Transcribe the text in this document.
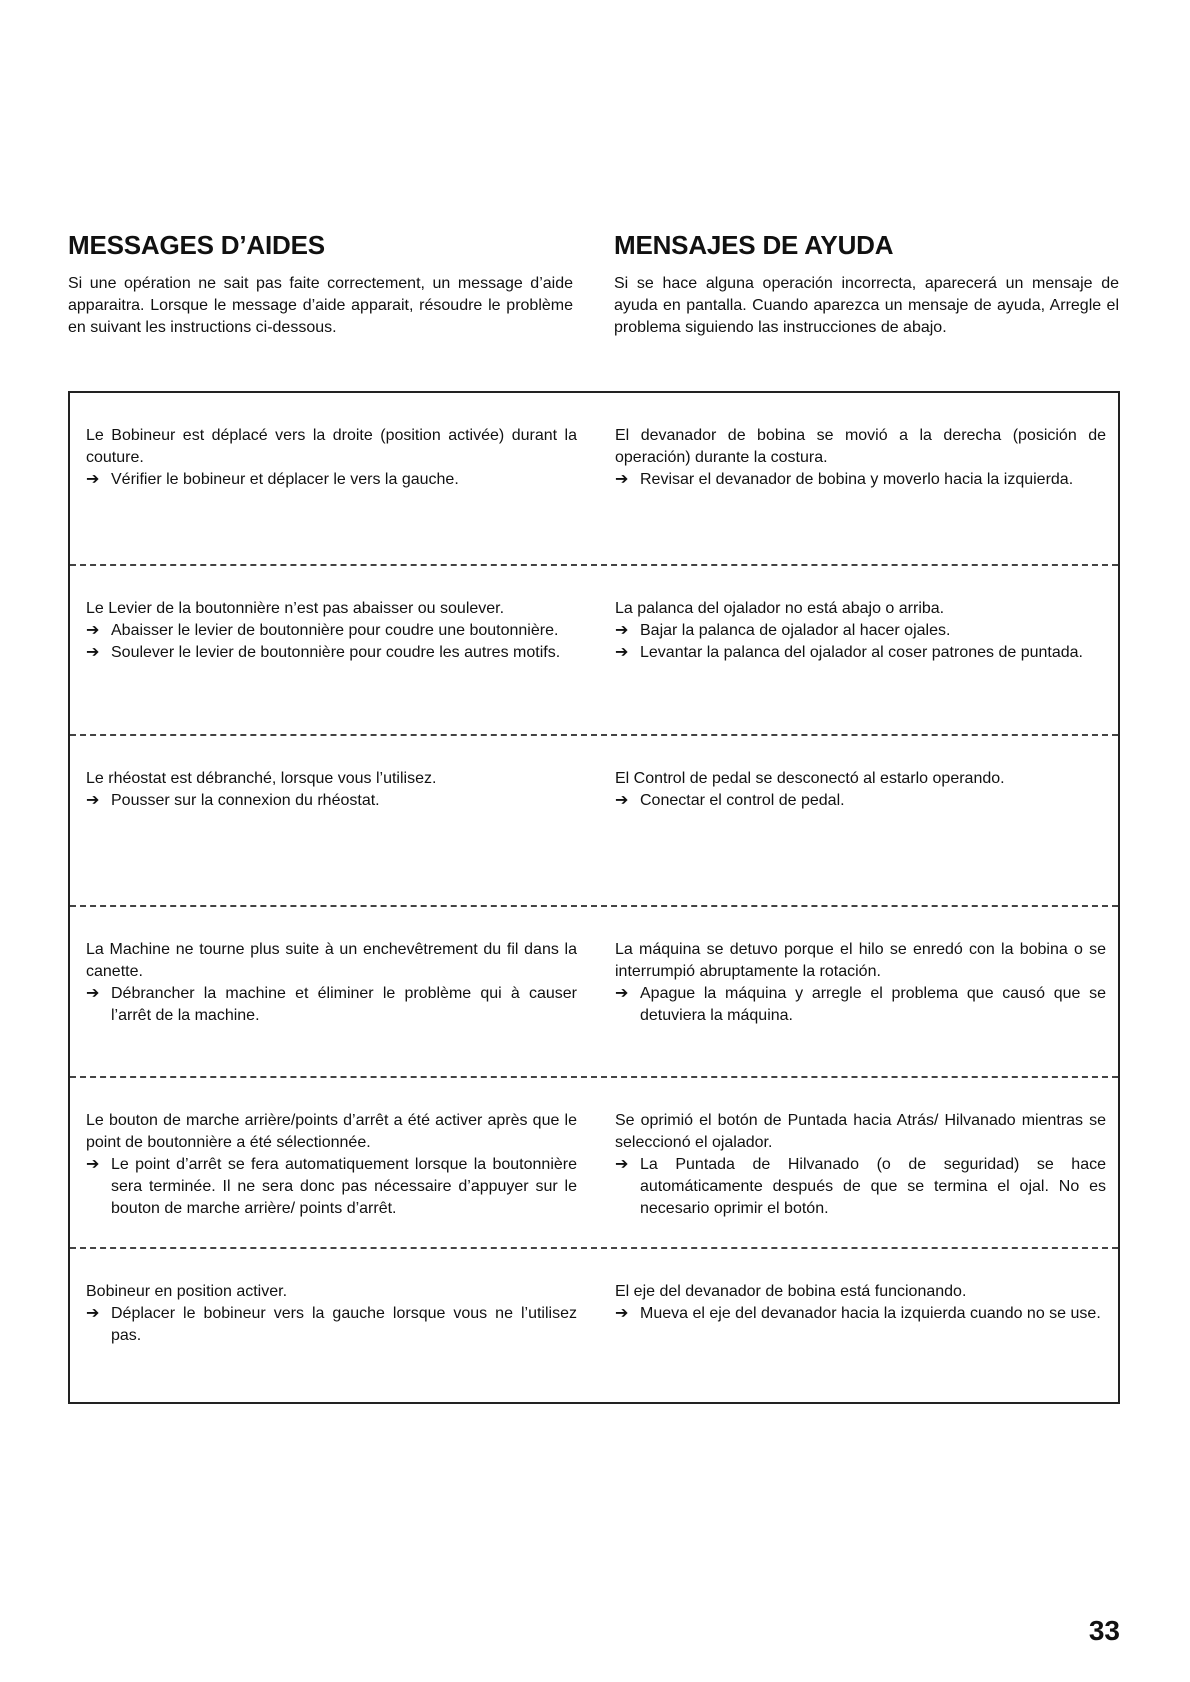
MESSAGES D’AIDES

Si une opération ne sait pas faite correctement, un message d’aide apparaitra. Lorsque le message d’aide apparait, résoudre le problème en suivant les instructions ci-dessous.

MENSAJES DE AYUDA

Si se hace alguna operación incorrecta, aparecerá un mensaje de ayuda en pantalla. Cuando aparezca un mensaje de ayuda, Arregle el problema siguiendo las instrucciones de abajo.

Le Bobineur est déplacé vers la droite (position activée) durant la couture.

➔ Vérifier le bobineur et déplacer le vers la gauche.

El devanador de bobina se movió a la derecha (posición de operación) durante la costura.

➔ Revisar el devanador de bobina y moverlo hacia la izquierda.

Le Levier de la boutonnière n’est pas abaisser ou soulever.

➔ Abaisser le levier de boutonnière pour coudre une boutonnière.
➔ Soulever le levier de boutonnière pour coudre les autres motifs.

La palanca del ojalador no está abajo o arriba.

➔ Bajar la palanca de ojalador al hacer ojales.
➔ Levantar la palanca del ojalador al coser patrones de puntada.

Le rhéostat est débranché, lorsque vous l’utilisez.

➔ Pousser sur la connexion du rhéostat.

El Control de pedal se desconectó al estarlo operando.

➔ Conectar el control de pedal.

La Machine ne tourne plus suite à un enchevêtrement du fil dans la canette.

➔ Débrancher la machine et éliminer le problème qui à causer l’arrêt de la machine.

La máquina se detuvo porque el hilo se enredó con la bobina o se interrumpió abruptamente la rotación.

➔ Apague la máquina y arregle el problema que causó que se detuviera la máquina.

Le bouton de marche arrière/points d’arrêt a été activer après que le point de boutonnière a été sélectionnée.

➔ Le point d’arrêt se fera automatiquement lorsque la boutonnière sera terminée. Il ne sera donc pas nécessaire d’appuyer sur le bouton de marche arrière/ points d’arrêt.

Se oprimió el botón de Puntada hacia Atrás/ Hilvanado mientras se seleccionó el ojalador.

➔ La Puntada de Hilvanado (o de seguridad) se hace automáticamente después de que se termina el ojal. No es necesario oprimir el botón.

Bobineur en position activer.

➔ Déplacer le bobineur vers la gauche lorsque vous ne l’utilisez pas.

El eje del devanador de bobina está funcionando.

➔ Mueva el eje del devanador hacia la izquierda cuando no se use.
33
